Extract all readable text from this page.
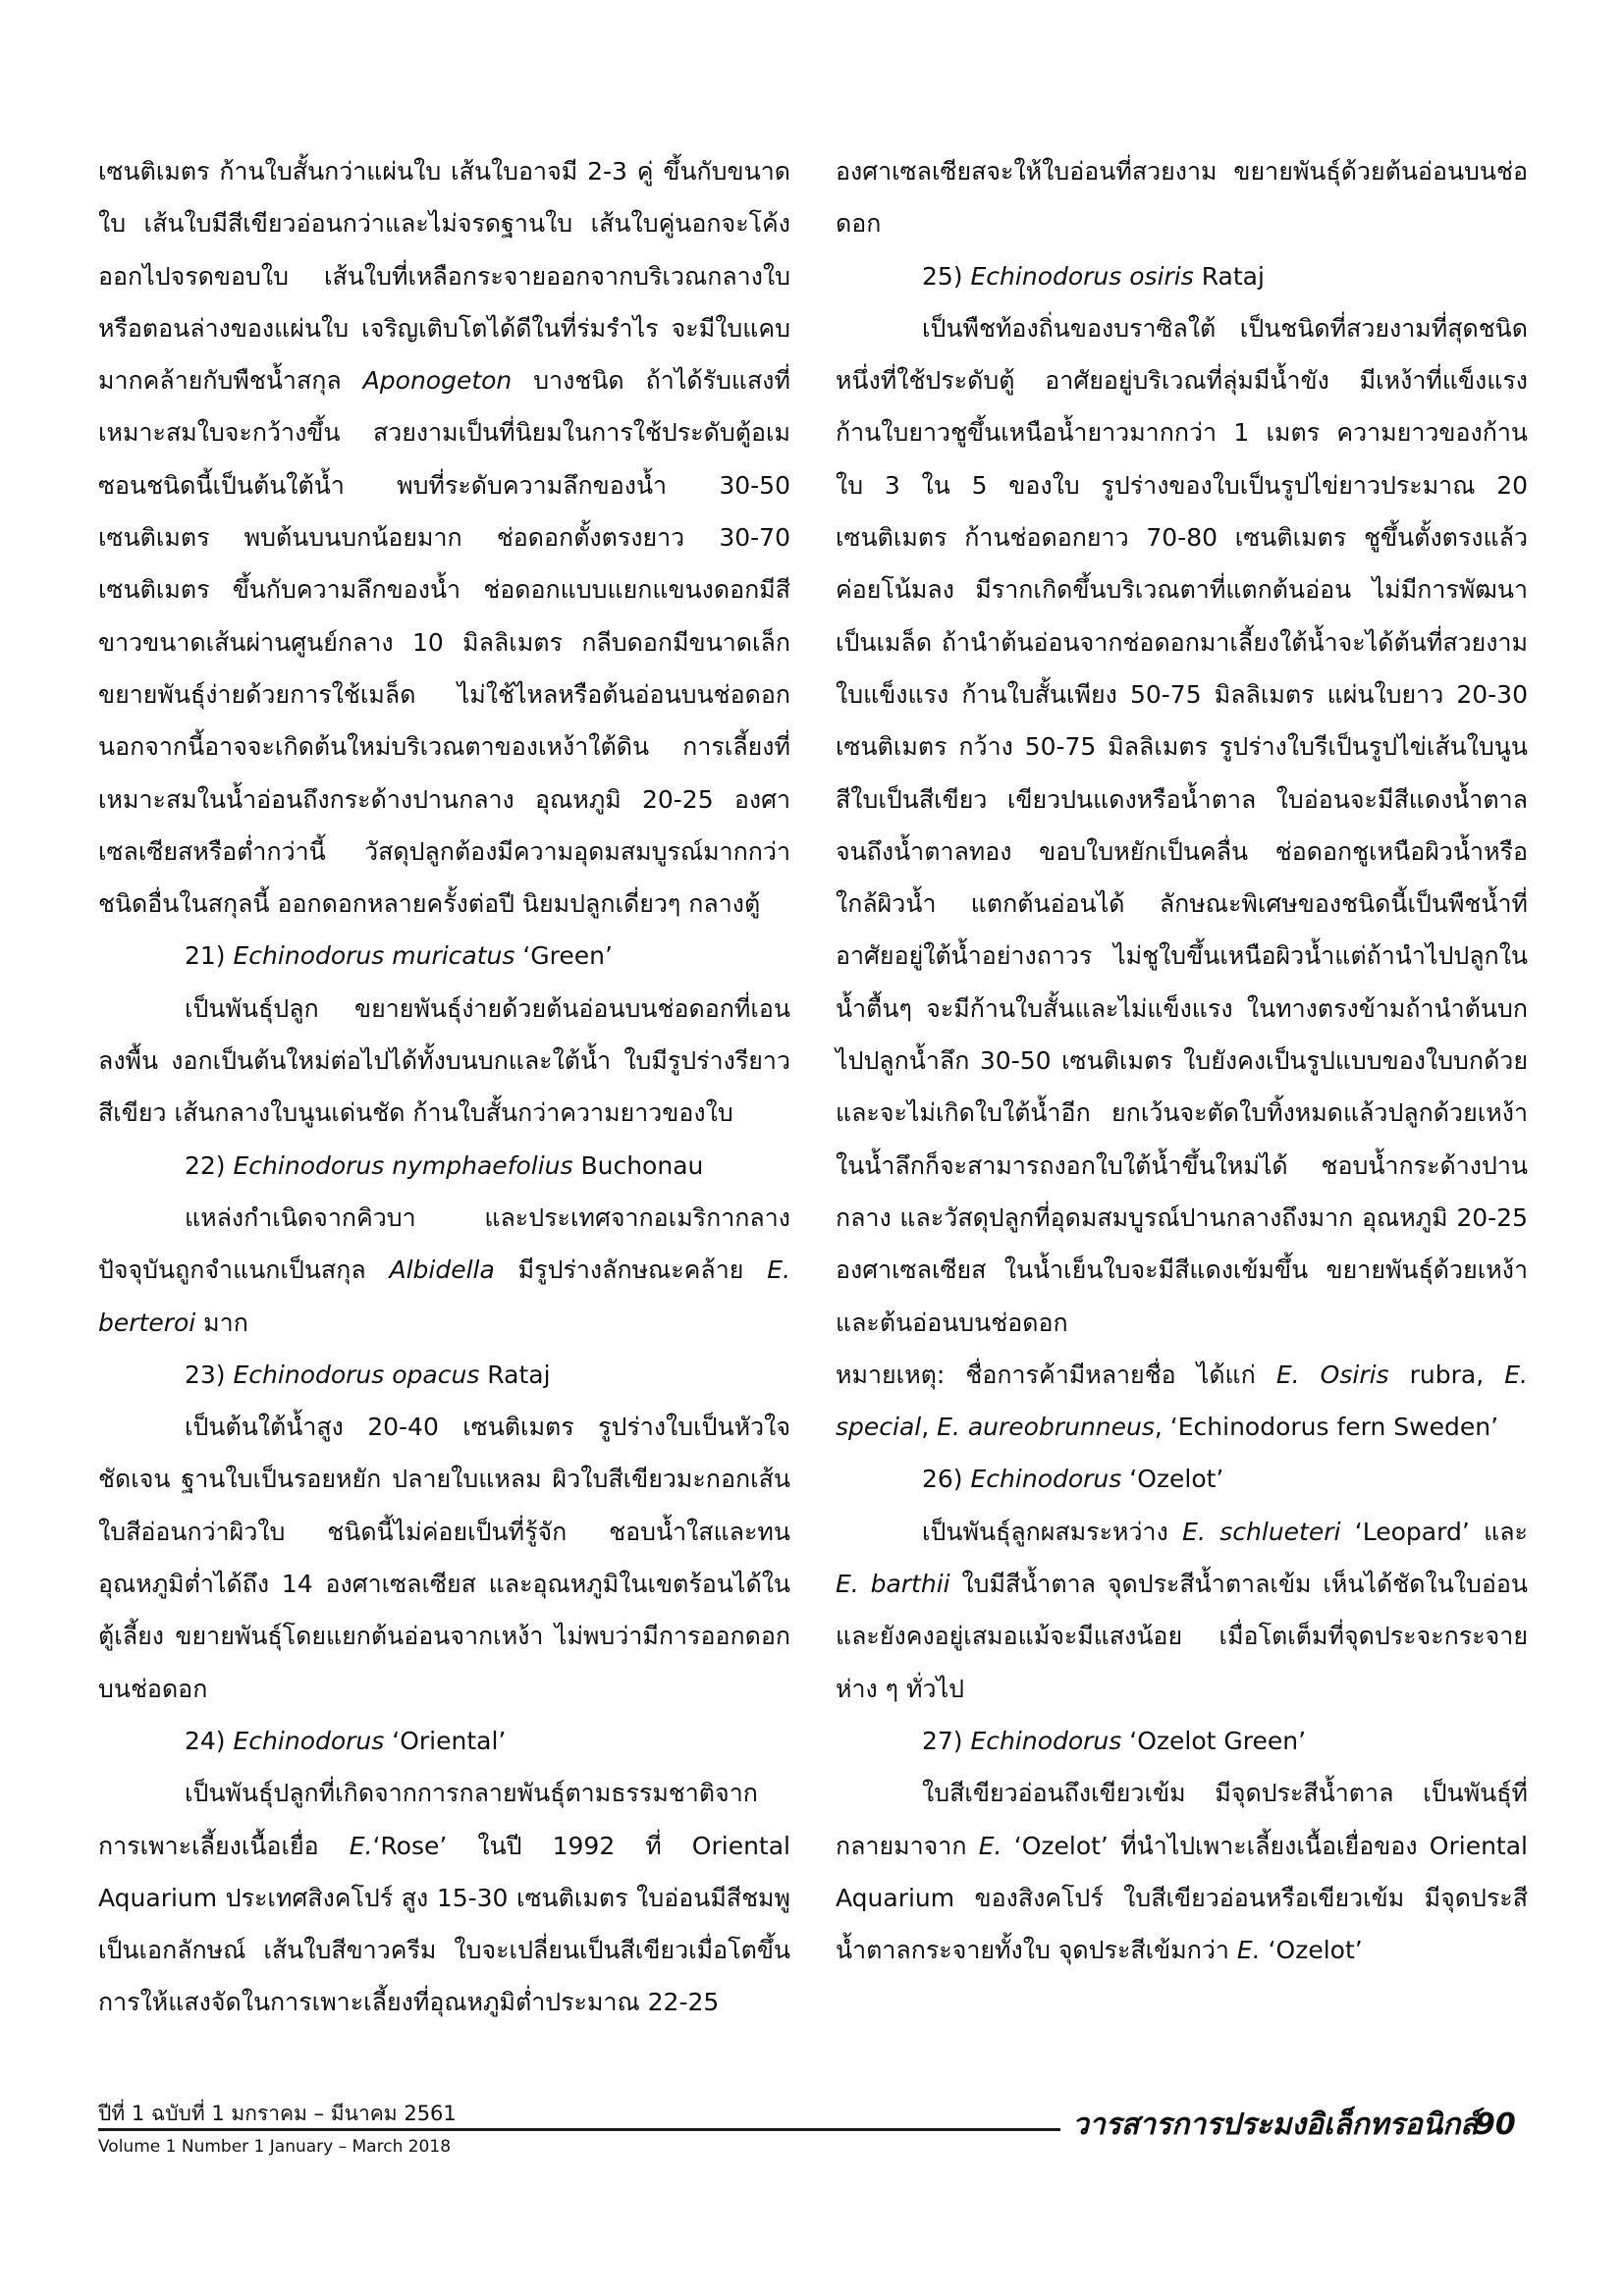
เซนติเมตร ก้านใบสั้นกว่าแผ่นใบ เส้นใบอาจมี 2-3 คู่ ขึ้นกับขนาดใบ เส้นใบมีสีเขียวอ่อนกว่าและไม่จรดฐานใบ เส้นใบคู่นอกจะโค้งออกไปจรดขอบใบ เส้นใบที่เหลือกระจายออกจากบริเวณกลางใบหรือตอนล่างของแผ่นใบ เจริญเติบโตได้ดีในที่ร่มรำไร จะมีใบแคบมากคล้ายกับพืชน้ำสกุล Aponogeton บางชนิด ถ้าได้รับแสงที่เหมาะสมใบจะกว้างขึ้น สวยงามเป็นที่นิยมในการใช้ประดับตู้อเมซอนชนิดนี้เป็นต้นใต้น้ำ พบที่ระดับความลึกของน้ำ 30-50 เซนติเมตร พบต้นบนบกน้อยมาก ช่อดอกตั้งตรงยาว 30-70 เซนติเมตร ขึ้นกับความลึกของน้ำ ช่อดอกแบบแยกแขนงดอกมีสีขาวขนาดเส้นผ่านศูนย์กลาง 10 มิลลิเมตร กลีบดอกมีขนาดเล็ก ขยายพันธุ์ง่ายด้วยการใช้เมล็ด ไม่ใช้ไหลหรือต้นอ่อนบนช่อดอก นอกจากนี้อาจจะเกิดต้นใหม่บริเวณตาของเหง้าใต้ดิน การเลี้ยงที่เหมาะสมในน้ำอ่อนถึงกระด้างปานกลาง อุณหภูมิ 20-25 องศาเซลเซียสหรือต่ำกว่านี้ วัสดุปลูกต้องมีความอุดมสมบูรณ์มากกว่าชนิดอื่นในสกุลนี้ ออกดอกหลายครั้งต่อปี นิยมปลูกเดี่ยวๆ กลางตู้

21) Echinodorus muricatus ‘Green’

เป็นพันธุ์ปลูก ขยายพันธุ์ง่ายด้วยต้นอ่อนบนช่อดอกที่เอนลงพื้น งอกเป็นต้นใหม่ต่อไปได้ทั้งบนบกและใต้น้ำ ใบมีรูปร่างรียาวสีเขียว เส้นกลางใบนูนเด่นชัด ก้านใบสั้นกว่าความยาวของใบ

22) Echinodorus nymphaefolius Buchonau

แหล่งกำเนิดจากคิวบา และประเทศจากอเมริกากลางปัจจุบันถูกจำแนกเป็นสกุล Albidella มีรูปร่างลักษณะคล้าย E. berteroi มาก

23) Echinodorus opacus Rataj

เป็นต้นใต้น้ำสูง 20-40 เซนติเมตร รูปร่างใบเป็นหัวใจชัดเจน ฐานใบเป็นรอยหยัก ปลายใบแหลม ผิวใบสีเขียวมะกอกเส้นใบสีอ่อนกว่าผิวใบ ชนิดนี้ไม่ค่อยเป็นที่รู้จัก ชอบน้ำใสและทนอุณหภูมิต่ำได้ถึง 14 องศาเซลเซียส และอุณหภูมิในเขตร้อนได้ในตู้เลี้ยง ขยายพันธุ์โดยแยกต้นอ่อนจากเหง้า ไม่พบว่ามีการออกดอกบนช่อดอก

24) Echinodorus ‘Oriental’

เป็นพันธุ์ปลูกที่เกิดจากการกลายพันธุ์ตามธรรมชาติจากการเพาะเลี้ยงเนื้อเยื่อ E.‘Rose’ ในปี 1992 ที่ Oriental Aquarium ประเทศสิงคโปร์ สูง 15-30 เซนติเมตร ใบอ่อนมีสีชมพูเป็นเอกลักษณ์ เส้นใบสีขาวครีม ใบจะเปลี่ยนเป็นสีเขียวเมื่อโตขึ้น การให้แสงจัดในการเพาะเลี้ยงที่อุณหภูมิต่ำประมาณ 22-25

องศาเซลเซียสจะให้ใบอ่อนที่สวยงาม ขยายพันธุ์ด้วยต้นอ่อนบนช่อดอก

25) Echinodorus osiris Rataj

เป็นพืชท้องถิ่นของบราซิลใต้ เป็นชนิดที่สวยงามที่สุดชนิดหนึ่งที่ใช้ประดับตู้ อาศัยอยู่บริเวณที่ลุ่มมีน้ำขัง มีเหง้าที่แข็งแรง ก้านใบยาวชูขึ้นเหนือน้ำยาวมากกว่า 1 เมตร ความยาวของก้านใบ 3 ใน 5 ของใบ รูปร่างของใบเป็นรูปไข่ยาวประมาณ 20 เซนติเมตร ก้านช่อดอกยาว 70-80 เซนติเมตร ชูขึ้นตั้งตรงแล้วค่อยโน้มลง มีรากเกิดขึ้นบริเวณตาที่แตกต้นอ่อน ไม่มีการพัฒนาเป็นเมล็ด ถ้านำต้นอ่อนจากช่อดอกมาเลี้ยงใต้น้ำจะได้ต้นที่สวยงามใบแข็งแรง ก้านใบสั้นเพียง 50-75 มิลลิเมตร แผ่นใบยาว 20-30 เซนติเมตร กว้าง 50-75 มิลลิเมตร รูปร่างใบรีเป็นรูปไข่เส้นใบนูน สีใบเป็นสีเขียว เขียวปนแดงหรือน้ำตาล ใบอ่อนจะมีสีแดงน้ำตาลจนถึงน้ำตาลทอง ขอบใบหยักเป็นคลื่น ช่อดอกชูเหนือผิวน้ำหรือใกล้ผิวน้ำ แตกต้นอ่อนได้ ลักษณะพิเศษของชนิดนี้เป็นพืชน้ำที่อาศัยอยู่ใต้น้ำอย่างถาวร ไม่ชูใบขึ้นเหนือผิวน้ำแต่ถ้านำไปปลูกในน้ำตื้นๆ จะมีก้านใบสั้นและไม่แข็งแรง ในทางตรงข้ามถ้านำต้นบกไปปลูกน้ำลึก 30-50 เซนติเมตร ใบยังคงเป็นรูปแบบของใบบกด้วย และจะไม่เกิดใบใต้น้ำอีก ยกเว้นจะตัดใบทิ้งหมดแล้วปลูกด้วยเหง้าในน้ำลึกก็จะสามารถงอกใบใต้น้ำขึ้นใหม่ได้ ชอบน้ำกระด้างปานกลาง และวัสดุปลูกที่อุดมสมบูรณ์ปานกลางถึงมาก อุณหภูมิ 20-25 องศาเซลเซียส ในน้ำเย็นใบจะมีสีแดงเข้มขึ้น ขยายพันธุ์ด้วยเหง้า และต้นอ่อนบนช่อดอก

หมายเหตุ: ชื่อการค้ามีหลายชื่อ ได้แก่ E. Osiris rubra, E. special, E. aureobrunneus, ‘Echinodorus fern Sweden’

26) Echinodorus ‘Ozelot’

เป็นพันธุ์ลูกผสมระหว่าง E. schlueteri ‘Leopard’ และ E. barthii ใบมีสีน้ำตาล จุดประสีน้ำตาลเข้ม เห็นได้ชัดในใบอ่อนและยังคงอยู่เสมอแม้จะมีแสงน้อย เมื่อโตเต็มที่จุดประจะกระจายห่าง ๆ ทั่วไป

27) Echinodorus ‘Ozelot Green’

ใบสีเขียวอ่อนถึงเขียวเข้ม มีจุดประสีน้ำตาล เป็นพันธุ์ที่กลายมาจาก E. ‘Ozelot’ ที่นำไปเพาะเลี้ยงเนื้อเยื่อของ Oriental Aquarium ของสิงคโปร์ ใบสีเขียวอ่อนหรือเขียวเข้ม มีจุดประสีน้ำตาลกระจายทั้งใบ จุดประสีเข้มกว่า E. ‘Ozelot’

ปีที่ 1 ฉบับที่ 1 มกราคม – มีนาคม 2561
Volume 1 Number 1 January – March 2018
วารสารการประมงอิเล็กทรอนิกส์
90
